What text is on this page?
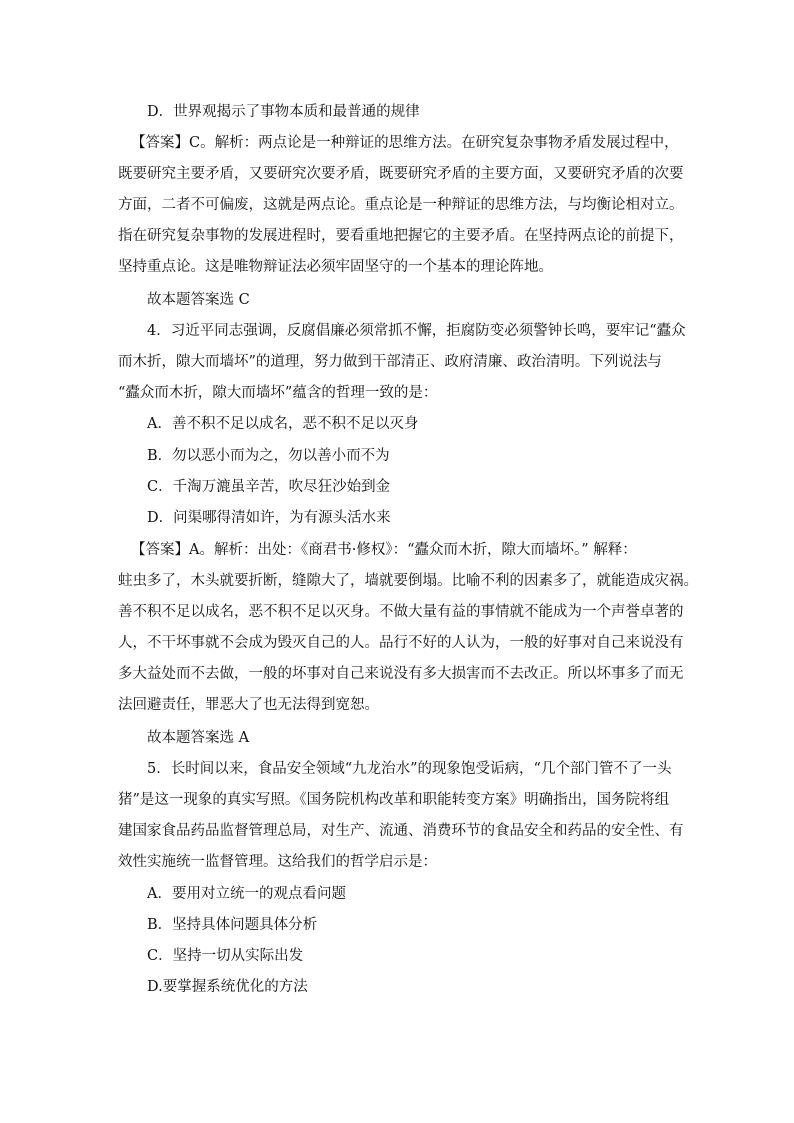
D．世界观揭示了事物本质和最普通的规律
【答案】C。解析：两点论是一种辩证的思维方法。在研究复杂事物矛盾发展过程中，
既要研究主要矛盾，又要研究次要矛盾，既要研究矛盾的主要方面，又要研究矛盾的次要
方面，二者不可偏废，这就是两点论。重点论是一种辩证的思维方法，与均衡论相对立。
指在研究复杂事物的发展进程时，要看重地把握它的主要矛盾。在坚持两点论的前提下，
坚持重点论。这是唯物辩证法必须牢固坚守的一个基本的理论阵地。
故本题答案选 C
4．习近平同志强调，反腐倡廉必须常抓不懈，拒腐防变必须警钟长鸣，要牢记“蠹众
而木折，隙大而墙坏”的道理，努力做到干部清正、政府清廉、政治清明。下列说法与
“蠹众而木折，隙大而墙坏”蕴含的哲理一致的是：
A．善不积不足以成名，恶不积不足以灭身
B．勿以恶小而为之，勿以善小而不为
C．千淘万漉虽辛苦，吹尽狂沙始到金
D．问渠哪得清如许，为有源头活水来
【答案】A。解析：出处：《商君书·修权》：“蠹众而木折，隙大而墙坏。” 解释：
蛀虫多了，木头就要折断，缝隙大了，墙就要倒塌。比喻不利的因素多了，就能造成灾祸。
善不积不足以成名，恶不积不足以灭身。不做大量有益的事情就不能成为一个声誉卓著的
人，不干坏事就不会成为毁灭自己的人。品行不好的人认为，一般的好事对自己来说没有
多大益处而不去做，一般的坏事对自己来说没有多大损害而不去改正。所以坏事多了而无
法回避责任，罪恶大了也无法得到宽恕。
故本题答案选 A
5．长时间以来，食品安全领域“九龙治水”的现象饱受诟病，“几个部门管不了一头
猪”是这一现象的真实写照。《国务院机构改革和职能转变方案》明确指出，国务院将组
建国家食品药品监督管理总局，对生产、流通、消费环节的食品安全和药品的安全性、有
效性实施统一监督管理。这给我们的哲学启示是：
A．要用对立统一的观点看问题
B．坚持具体问题具体分析
C．坚持一切从实际出发
D.要掌握系统优化的方法
